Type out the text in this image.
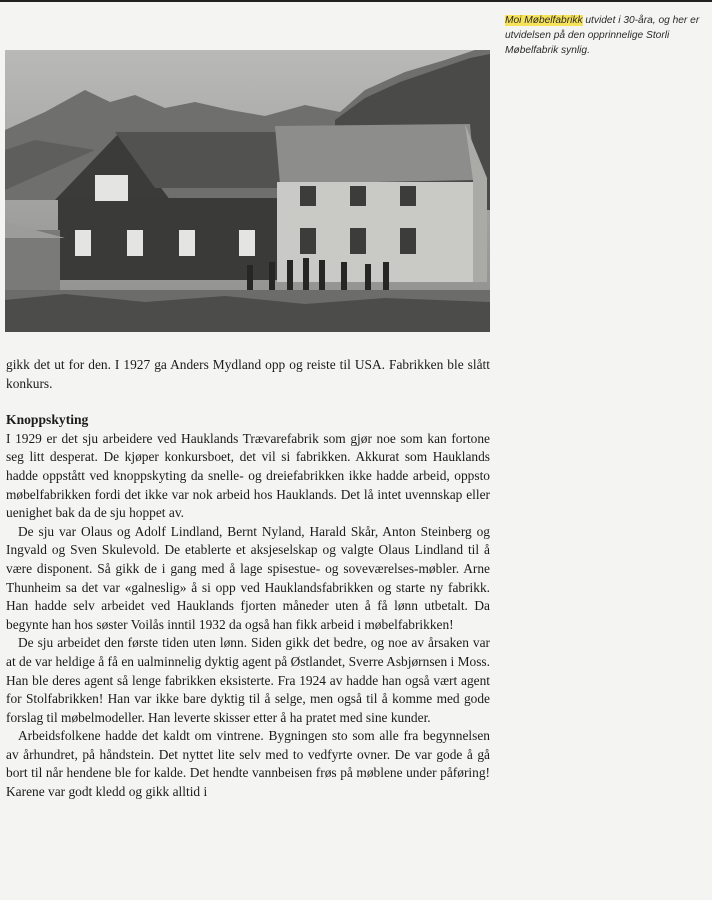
Moi Møbelfabrikk utvidet i 30-åra, og her er utvidelsen på den opprinnelige Storli Møbelfabrik synlig.

gikk det ut for den. I 1927 ga Anders Mydland opp og reiste til USA. Fabrikken ble slått konkurs.

Knoppskyting

I 1929 er det sju arbeidere ved Hauklands Trævarefabrik som gjør noe som kan fortone seg litt desperat. De kjøper konkursboet, det vil si fabrikken. Akkurat som Hauklands hadde oppstått ved knoppskyting da snelle- og dreiefabrikken ikke hadde arbeid, oppsto møbelfabrikken fordi det ikke var nok arbeid hos Hauklands. Det lå intet uvennskap eller uenighet bak da de sju hoppet av.

De sju var Olaus og Adolf Lindland, Bernt Nyland, Harald Skår, Anton Steinberg og Ingvald og Sven Skulevold. De etablerte et aksjeselskap og valgte Olaus Lindland til å være disponent. Så gikk de i gang med å lage spisestue- og soveværelses-møbler. Arne Thunheim sa det var «galneslig» å si opp ved Hauklandsfabrikken og starte ny fabrikk. Han hadde selv arbeidet ved Hauklands fjorten måneder uten å få lønn utbetalt. Da begynte han hos søster Voilås inntil 1932 da også han fikk arbeid i møbelfabrikken!

De sju arbeidet den første tiden uten lønn. Siden gikk det bedre, og noe av årsaken var at de var heldige å få en ualminnelig dyktig agent på Østlandet, Sverre Asbjørnsen i Moss. Han ble deres agent så lenge fabrikken eksisterte. Fra 1924 av hadde han også vært agent for Stolfabrikken! Han var ikke bare dyktig til å selge, men også til å komme med gode forslag til møbelmodeller. Han leverte skisser etter å ha pratet med sine kunder.

Arbeidsfolkene hadde det kaldt om vintrene. Bygningen sto som alle fra begynnelsen av århundret, på håndstein. Det nyttet lite selv med to vedfyrte ovner. De var gode å gå bort til når hendene ble for kalde. Det hendte vannbeisen frøs på møblene under påføring! Karene var godt kledd og gikk alltid i
